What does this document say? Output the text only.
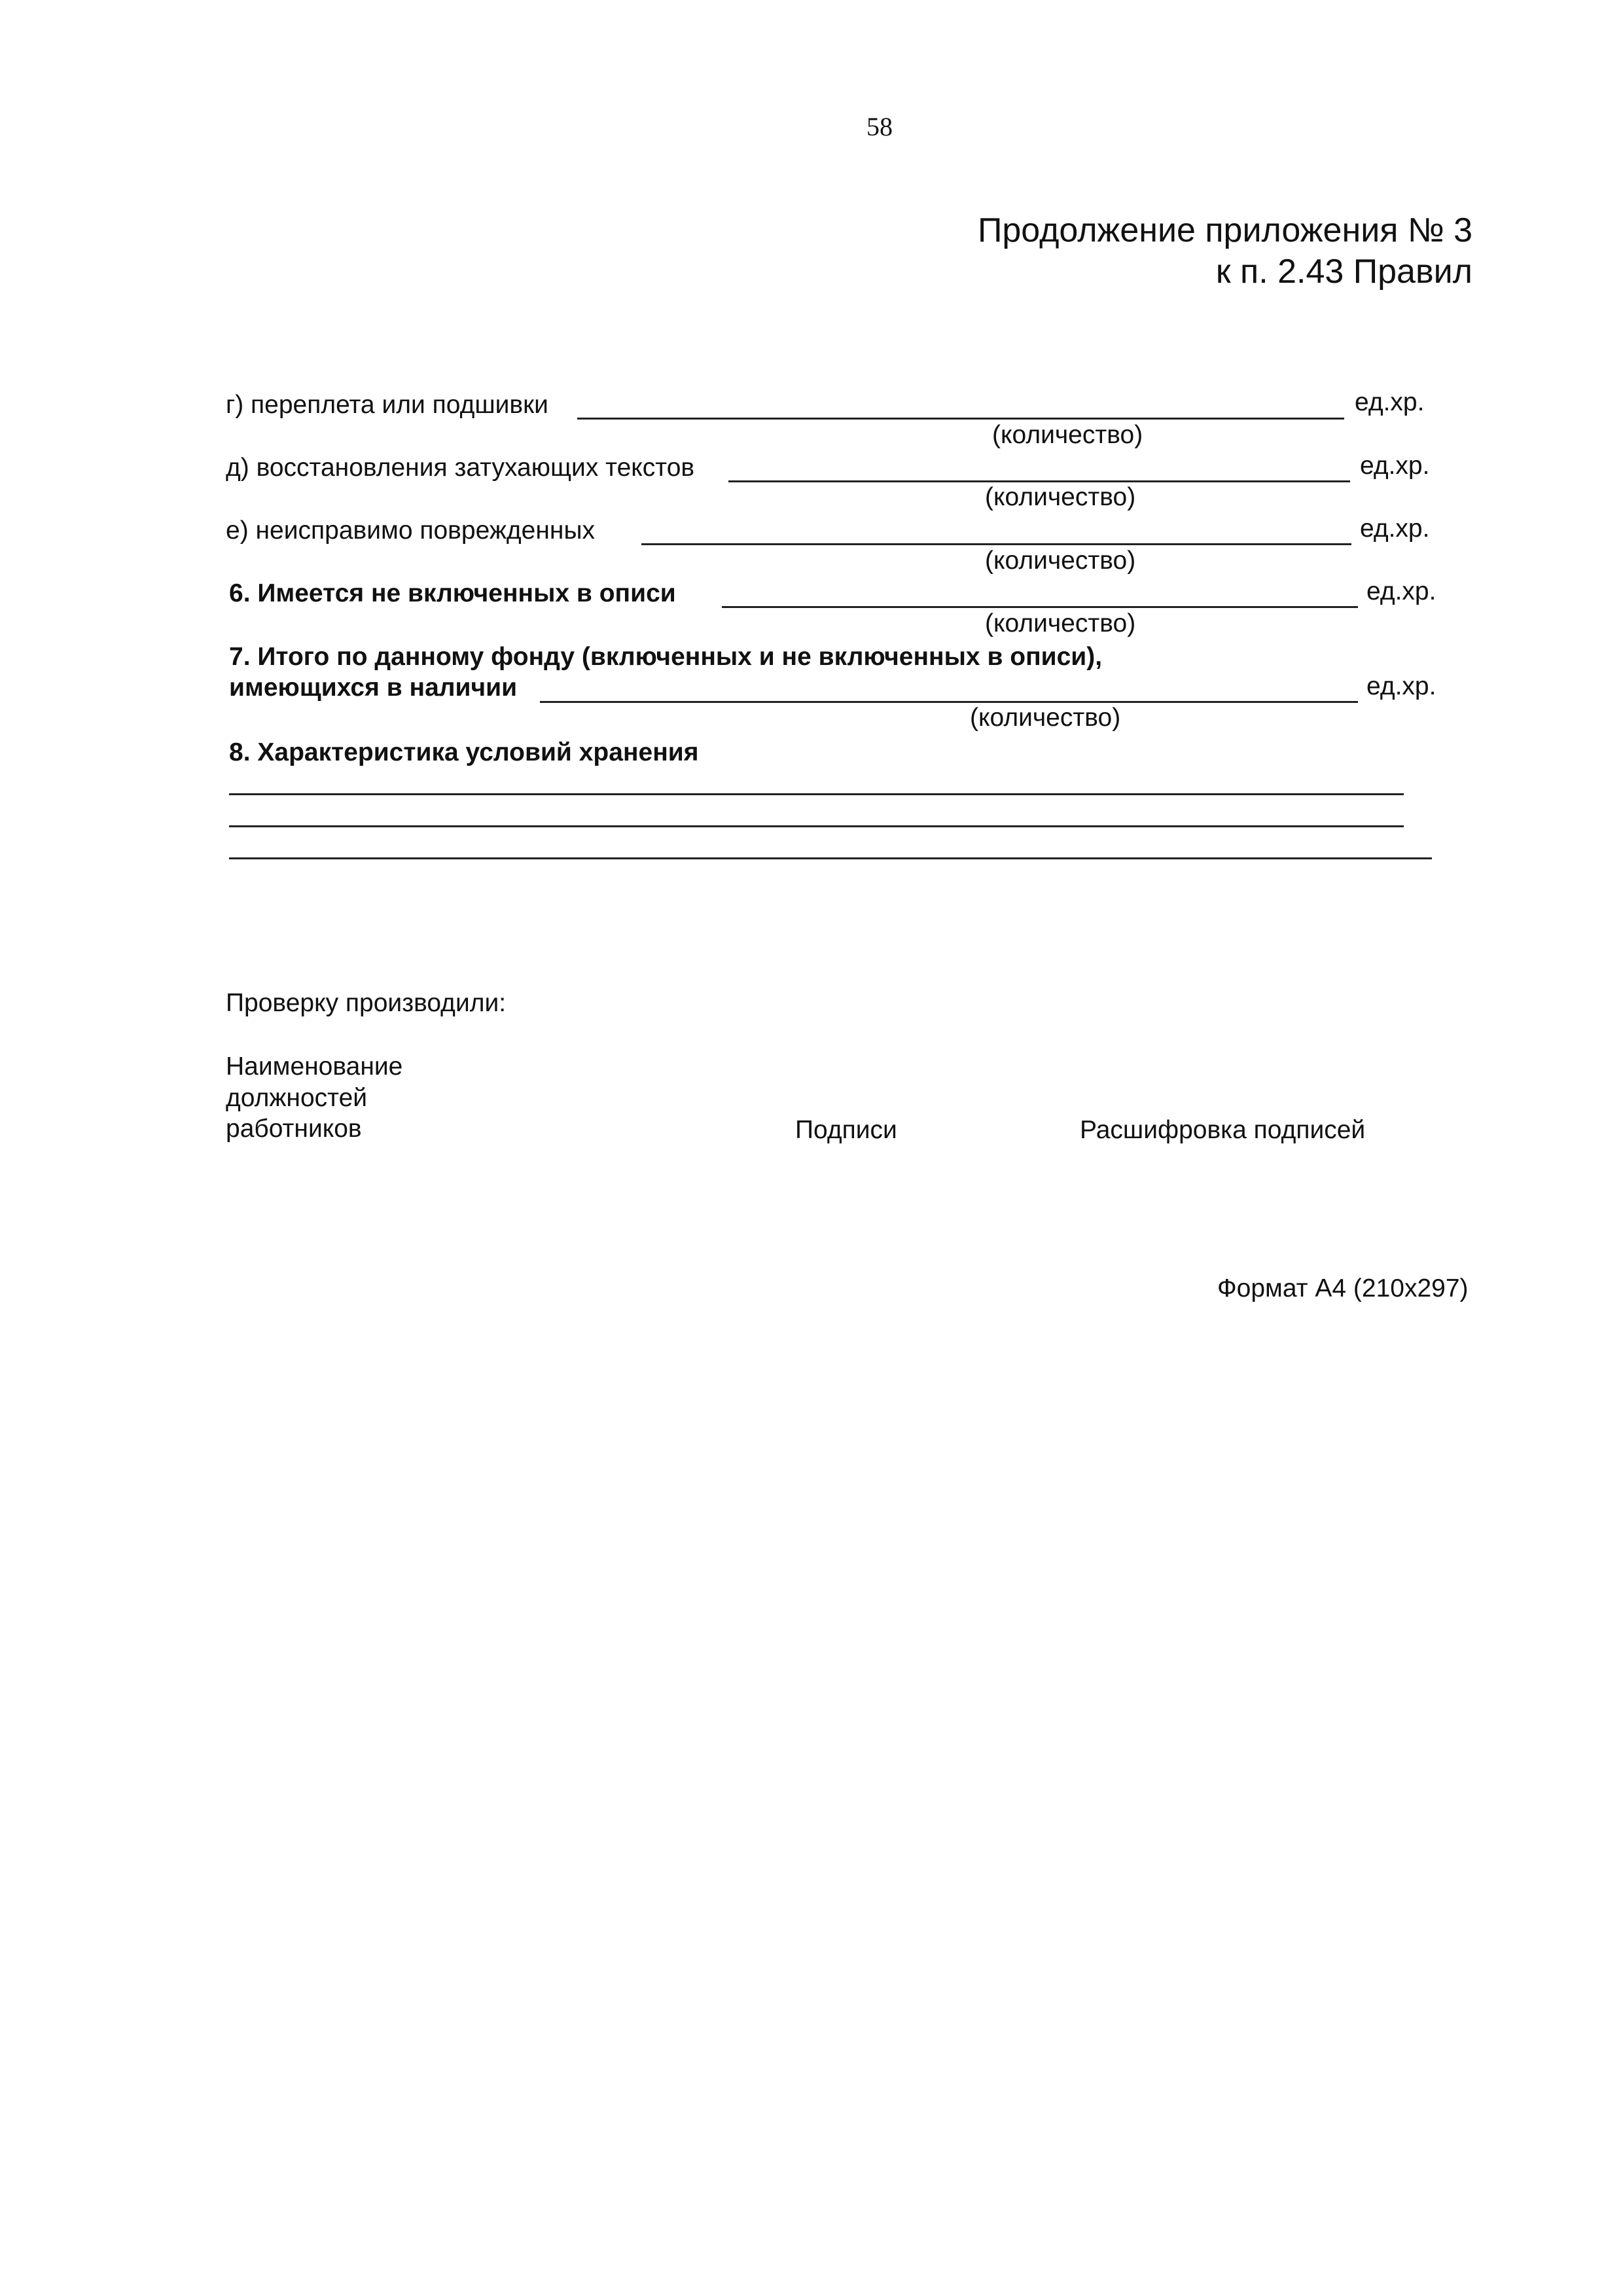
58
Продолжение приложения № 3
к п. 2.43 Правил
г) переплета или подшивки	ед.хр.
(количество)
д) восстановления затухающих текстов	ед.хр.
(количество)
е) неисправимо поврежденных	ед.хр.
(количество)
6. Имеется не включенных в описи	ед.хр.
(количество)
7. Итого по данному фонду (включенных и не включенных в описи),
имеющихся в наличии	ед.хр.
(количество)
8. Характеристика условий хранения
Проверку производили:
Наименование
должностей
работников	Подписи	Расшифровка подписей
Формат А4 (210x297)
